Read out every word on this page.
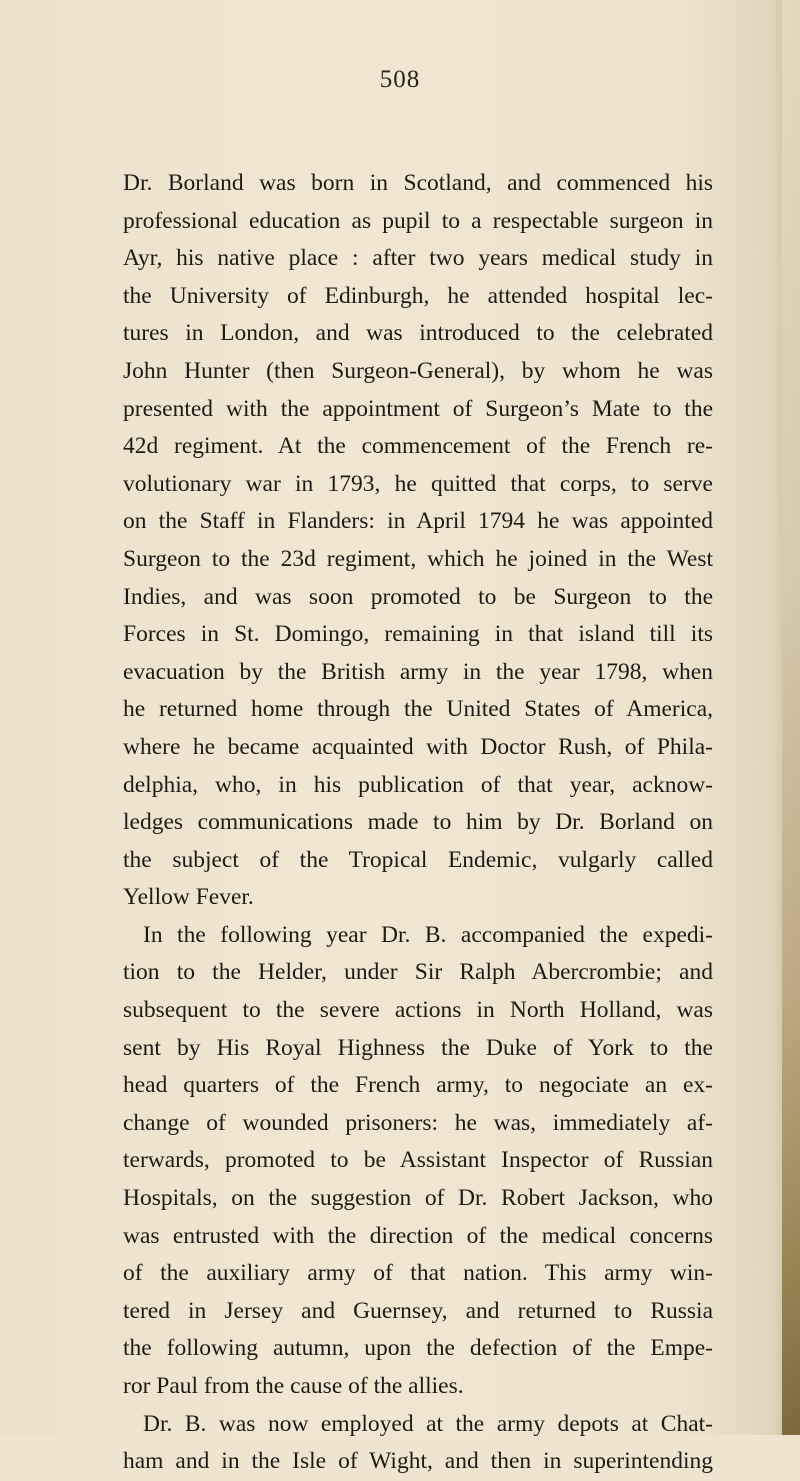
508
Dr. Borland was born in Scotland, and commenced his
professional education as pupil to a respectable surgeon in
Ayr, his native place : after two years medical study in
the University of Edinburgh, he attended hospital lec-
tures in London, and was introduced to the celebrated
John Hunter (then Surgeon-General), by whom he was
presented with the appointment of Surgeon’s Mate to the
42d regiment. At the commencement of the French re-
volutionary war in 1793, he quitted that corps, to serve
on the Staff in Flanders: in April 1794 he was appointed
Surgeon to the 23d regiment, which he joined in the West
Indies, and was soon promoted to be Surgeon to the
Forces in St. Domingo, remaining in that island till its
evacuation by the British army in the year 1798, when
he returned home through the United States of America,
where he became acquainted with Doctor Rush, of Phila-
delphia, who, in his publication of that year, acknow-
ledges communications made to him by Dr. Borland on
the subject of the Tropical Endemic, vulgarly called
Yellow Fever.
In the following year Dr. B. accompanied the expedi-
tion to the Helder, under Sir Ralph Abercrombie; and
subsequent to the severe actions in North Holland, was
sent by His Royal Highness the Duke of York to the
head quarters of the French army, to negociate an ex-
change of wounded prisoners: he was, immediately af-
terwards, promoted to be Assistant Inspector of Russian
Hospitals, on the suggestion of Dr. Robert Jackson, who
was entrusted with the direction of the medical concerns
of the auxiliary army of that nation. This army win-
tered in Jersey and Guernsey, and returned to Russia
the following autumn, upon the defection of the Empe-
ror Paul from the cause of the allies.
Dr. B. was now employed at the army depots at Chat-
ham and in the Isle of Wight, and then in superintending
